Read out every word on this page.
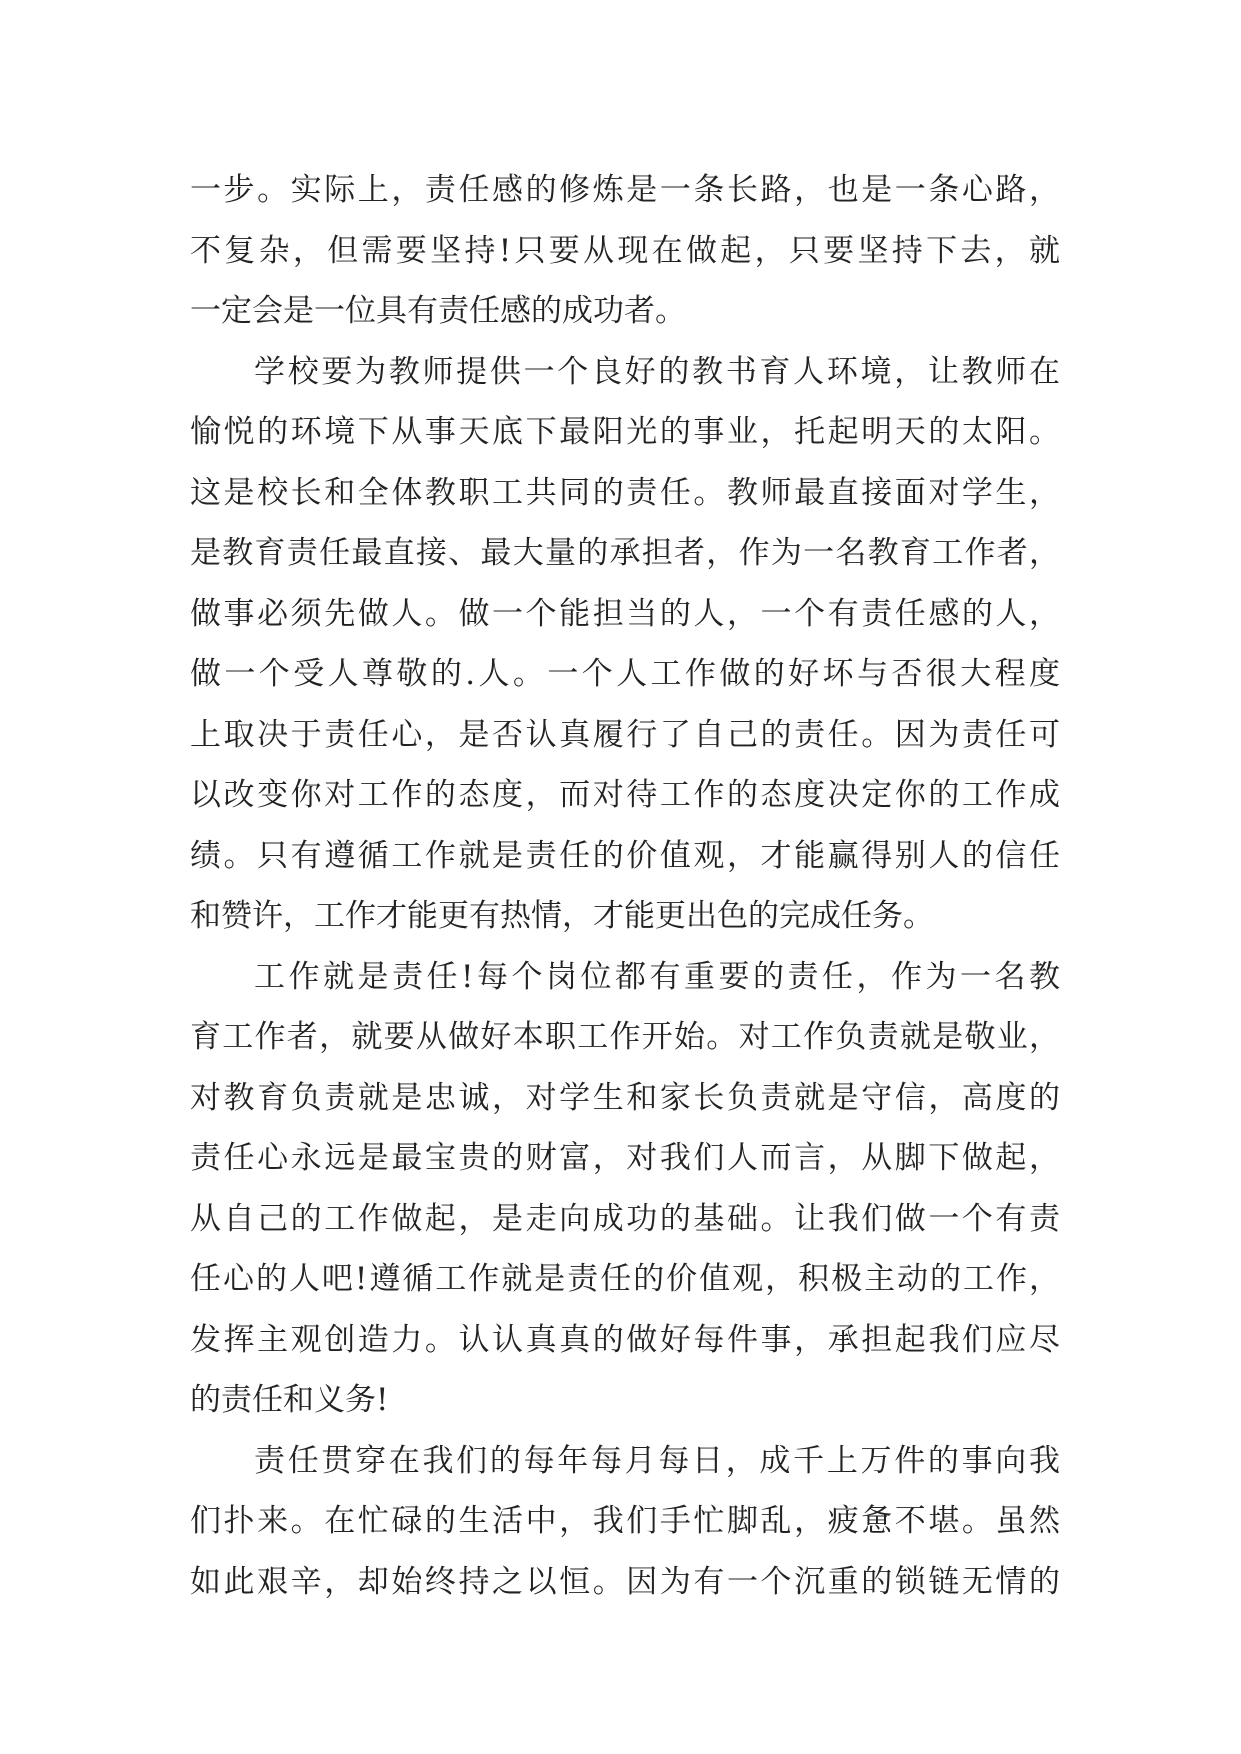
一步。实际上，责任感的修炼是一条长路，也是一条心路，
不复杂，但需要坚持!只要从现在做起，只要坚持下去，就
一定会是一位具有责任感的成功者。
学校要为教师提供一个良好的教书育人环境，让教师在
愉悦的环境下从事天底下最阳光的事业，托起明天的太阳。
这是校长和全体教职工共同的责任。教师最直接面对学生，
是教育责任最直接、最大量的承担者，作为一名教育工作者，
做事必须先做人。做一个能担当的人，一个有责任感的人，
做一个受人尊敬的.人。一个人工作做的好坏与否很大程度
上取决于责任心，是否认真履行了自己的责任。因为责任可
以改变你对工作的态度，而对待工作的态度决定你的工作成
绩。只有遵循工作就是责任的价值观，才能赢得别人的信任
和赞许，工作才能更有热情，才能更出色的完成任务。
工作就是责任!每个岗位都有重要的责任，作为一名教
育工作者，就要从做好本职工作开始。对工作负责就是敬业，
对教育负责就是忠诚，对学生和家长负责就是守信，高度的
责任心永远是最宝贵的财富，对我们人而言，从脚下做起，
从自己的工作做起，是走向成功的基础。让我们做一个有责
任心的人吧!遵循工作就是责任的价值观，积极主动的工作，
发挥主观创造力。认认真真的做好每件事，承担起我们应尽
的责任和义务!
责任贯穿在我们的每年每月每日，成千上万件的事向我
们扑来。在忙碌的生活中，我们手忙脚乱，疲惫不堪。虽然
如此艰辛，却始终持之以恒。因为有一个沉重的锁链无情的
